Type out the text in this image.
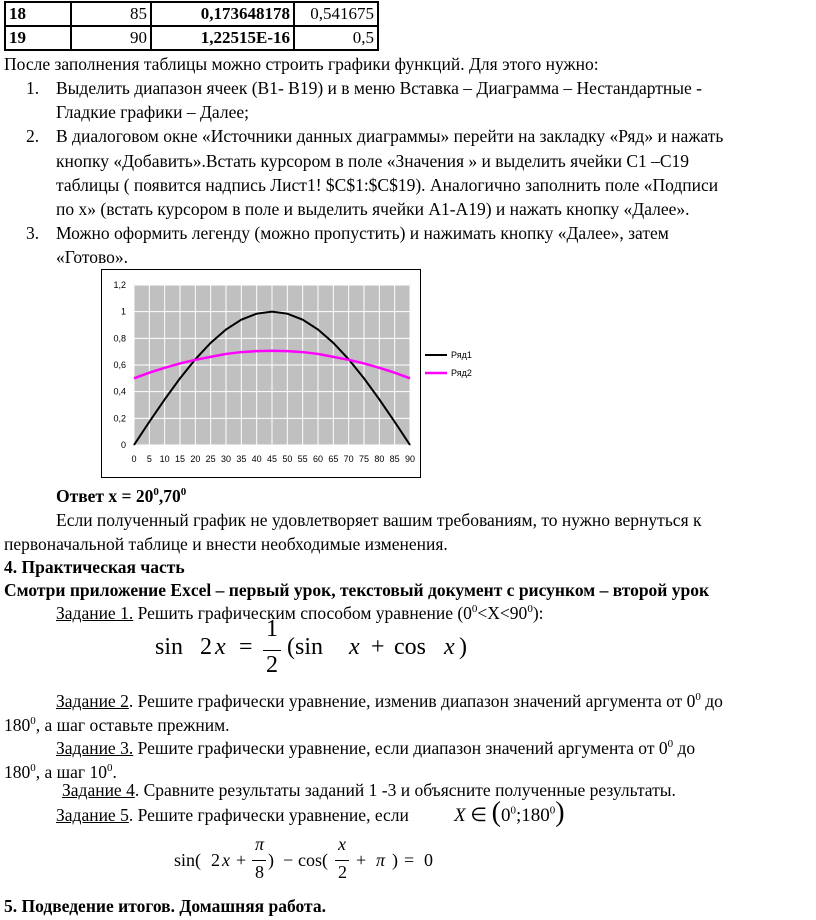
18	85	0,173648178	0,541675
19	90	1,22515E-16	0,5
После заполнения таблицы можно строить графики функций. Для этого нужно:
1. Выделить диапазон ячеек (В1- В19) и в меню Вставка – Диаграмма – Нестандартные -
Гладкие графики – Далее;
2. В диалоговом окне «Источники данных диаграммы» перейти на закладку «Ряд» и нажать
кнопку «Добавить».Встать курсором в поле «Значения » и выделить ячейки С1 –С19
таблицы ( появится надпись Лист1! $C$1:$C$19). Аналогично заполнить поле «Подписи
по х» (встать курсором в поле и выделить ячейки А1-А19) и нажать кнопку «Далее».
3. Можно оформить легенду (можно пропустить) и нажимать кнопку «Далее», затем
«Готово».
0
0,2
0,4
0,6
0,8
1
1,2
0 5 10 15 20 25 30 35 40 45 50 55 60 65 70 75 80 85 90
Ряд1
Ряд2
Ответ $x = 20^0,70^0$
Если полученный график не удовлетворяет вашим требованиям, то нужно вернуться к
первоначальной таблице и внести необходимые изменения.
4. Практическая часть
Смотри приложение Excel – первый урок, текстовый документ с рисунком – второй урок
Задание 1. Решить графическим способом уравнение $(0^0<X<90^0)$:
sin 2 x =
1
2
(sin x + cos x )
Задание 2. Решите графически уравнение, изменив диапазон значений аргумента от $0^0$ до
$180^0$, а шаг оставьте прежним.
Задание 3. Решите графически уравнение, если диапазон значений аргумента от $0^0$ до
$180^0$, а шаг $10^0$.
Задание 4. Сравните результаты заданий 1 -3 и объясните полученные результаты.
Задание 5. Решите графически уравнение, если X ∈ $(0^0;180^0)$
sin( 2 x +
π
8
) − cos(
x
2
+ π ) = 0
5. Подведение итогов. Домашняя работа.
